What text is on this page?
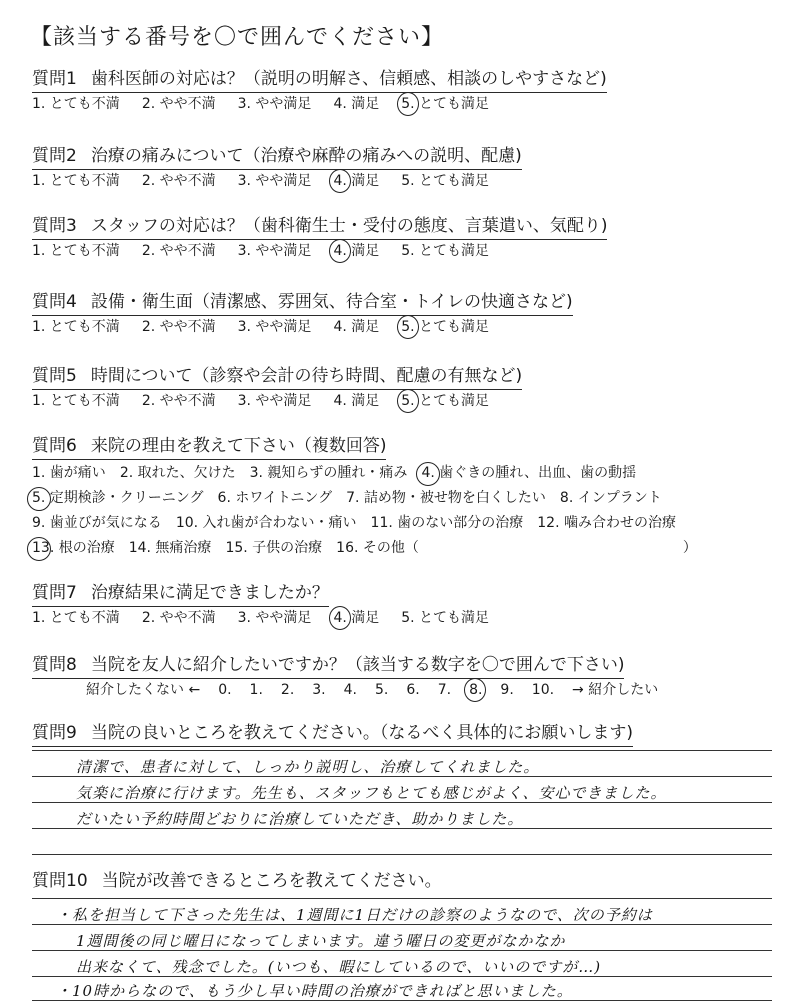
【該当する番号を〇で囲んでください】
質問1 歯科医師の対応は？（説明の明解さ、信頼感、相談のしやすさなど)
1. とても不満 2. やや不満 3. やや満足 4. 満足 5. とても満足
質問2 治療の痛みについて（治療や麻酔の痛みへの説明、配慮)
1. とても不満 2. やや不満 3. やや満足 4. 満足 5. とても満足
質問3 スタッフの対応は？（歯科衛生士・受付の態度、言葉遣い、気配り)
1. とても不満 2. やや不満 3. やや満足 4. 満足 5. とても満足
質問4 設備・衛生面（清潔感、雰囲気、待合室・トイレの快適さなど)
1. とても不満 2. やや不満 3. やや満足 4. 満足 5. とても満足
質問5 時間について（診察や会計の待ち時間、配慮の有無など)
1. とても不満 2. やや不満 3. やや満足 4. 満足 5. とても満足
質問6 来院の理由を教えて下さい（複数回答)
1. 歯が痛い 2. 取れた、欠けた 3. 親知らずの腫れ・痛み 4. 歯ぐきの腫れ、出血、歯の動揺
5. 定期検診・クリーニング 6. ホワイトニング 7. 詰め物・被せ物を白くしたい 8. インプラント
9. 歯並びが気になる 10. 入れ歯が合わない・痛い 11. 歯のない部分の治療 12. 噛み合わせの治療
13. 根の治療 14. 無痛治療 15. 子供の治療 16. その他（	）
質問7 治療結果に満足できましたか？
1. とても不満 2. やや不満 3. やや満足 4. 満足 5. とても満足
質問8 当院を友人に紹介したいですか？（該当する数字を〇で囲んで下さい)
紹介したくない ← 0. 1. 2. 3. 4. 5. 6. 7. 8. 9. 10. → 紹介したい
質問9 当院の良いところを教えてください。（なるべく具体的にお願いします)
清潔で、患者に対して、しっかり説明し、治療してくれました。
気楽に治療に行けます。先生も、スタッフもとても感じがよく、安心できました。
だいたい予約時間どおりに治療していただき、助かりました。
質問10 当院が改善できるところを教えてください。
・私を担当して下さった先生は、1週間に1日だけの診察のようなので、次の予約は
1週間後の同じ曜日になってしまいます。違う曜日の変更がなかなか
出来なくて、残念でした。(いつも、暇にしているので、いいのですが…)
・10時からなので、もう少し早い時間の治療ができればと思いました。
